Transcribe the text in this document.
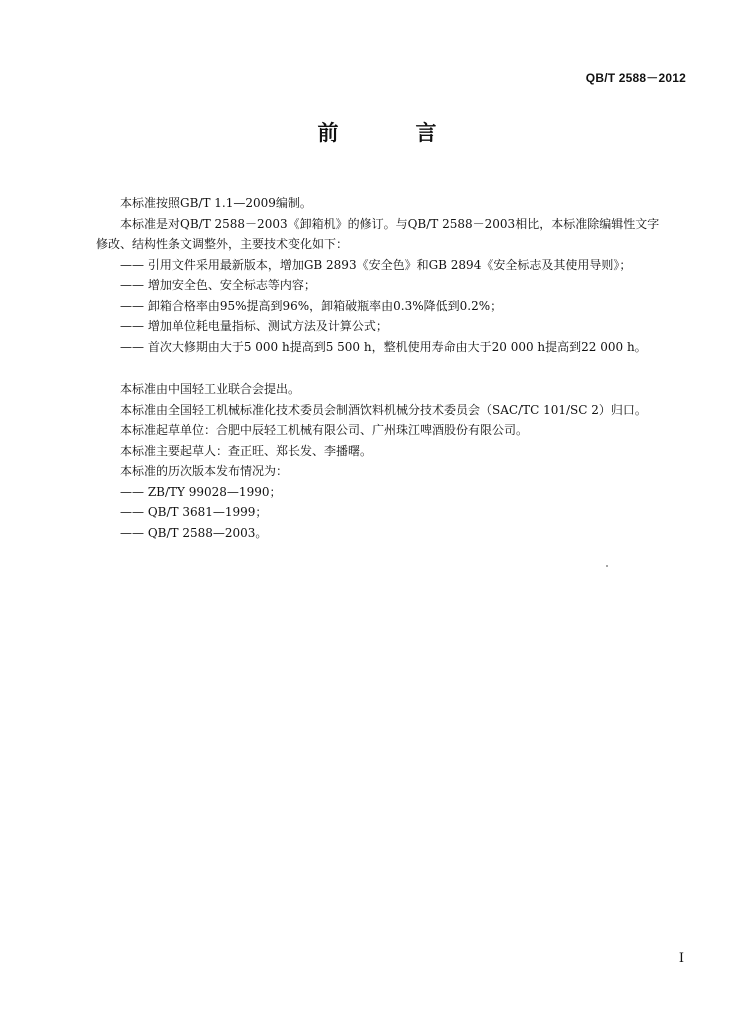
QB/T 2588－2012
前　言
本标准按照GB/T 1.1—2009编制。
本标准是对QB/T 2588－2003《卸箱机》的修订。与QB/T 2588－2003相比，本标准除编辑性文字
修改、结构性条文调整外，主要技术变化如下：
—— 引用文件采用最新版本，增加GB 2893《安全色》和GB 2894《安全标志及其使用导则》；
—— 增加安全色、安全标志等内容；
—— 卸箱合格率由95%提高到96%，卸箱破瓶率由0.3%降低到0.2%；
—— 增加单位耗电量指标、测试方法及计算公式；
—— 首次大修期由大于5 000 h提高到5 500 h，整机使用寿命由大于20 000 h提高到22 000 h。
本标准由中国轻工业联合会提出。
本标准由全国轻工机械标准化技术委员会制酒饮料机械分技术委员会（SAC/TC 101/SC 2）归口。
本标准起草单位：合肥中辰轻工机械有限公司、广州珠江啤酒股份有限公司。
本标准主要起草人：查正旺、郑长发、李播曙。
本标准的历次版本发布情况为：
—— ZB/TY 99028—1990；
—— QB/T 3681—1999；
—— QB/T 2588—2003。
I
